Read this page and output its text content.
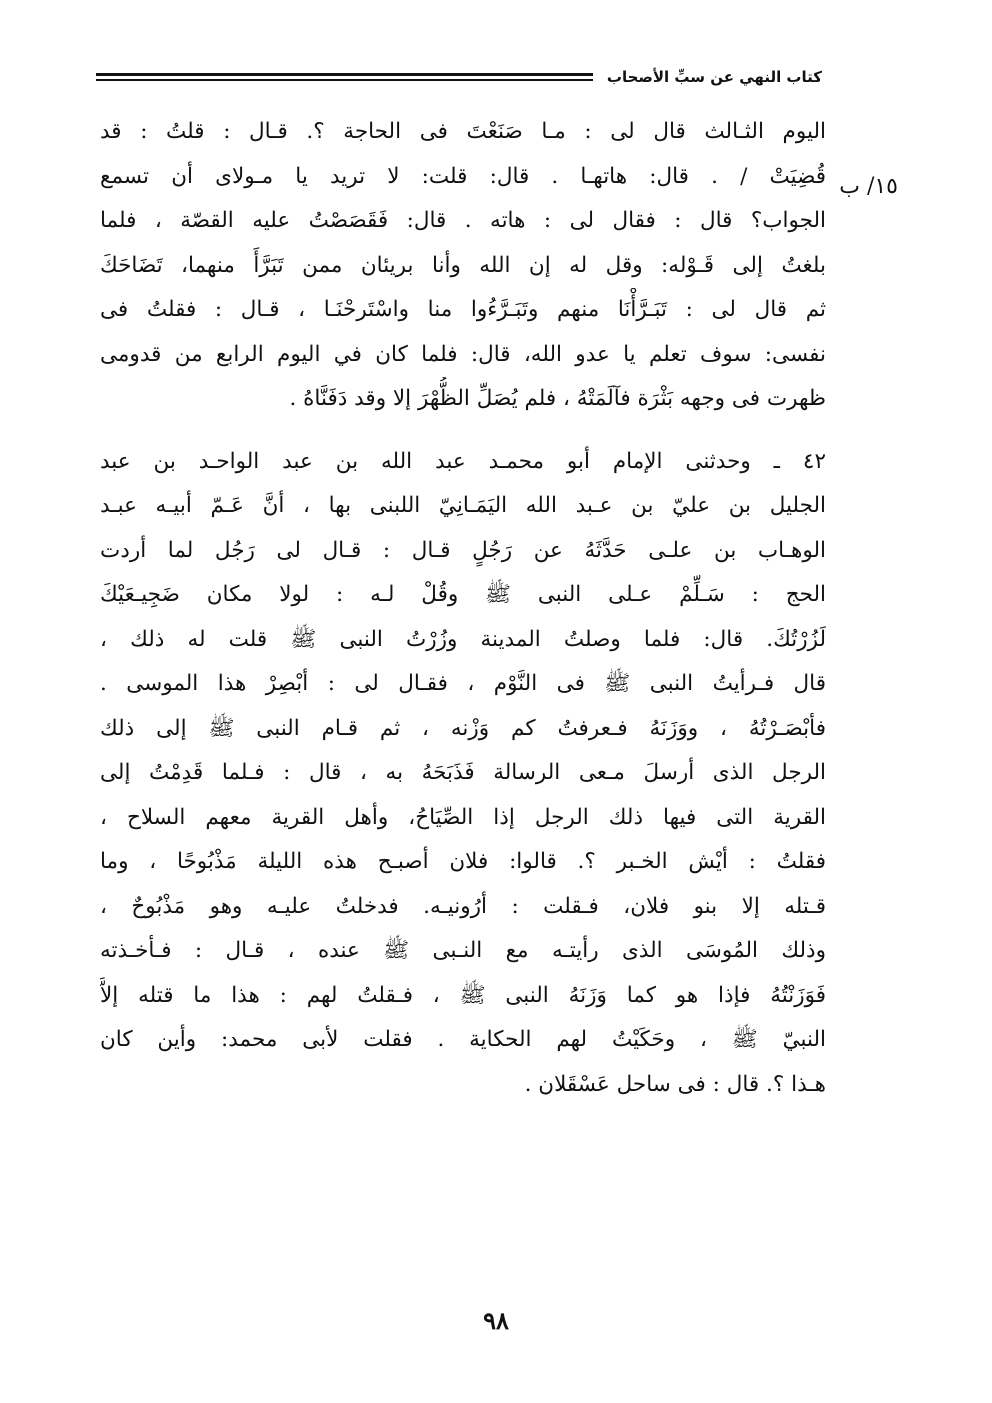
كتاب النهي عن سبِّ الأصحاب
١٥/ ب
اليوم الثـالث قال لى : مـا صَنَعْتَ فى الحاجة ؟. قـال : قلتُ : قد
قُضِيَتْ / . قال: هاتهـا . قال: قلت: لا تريد يا مـولاى أن تسمع
الجواب؟ قال : فقال لى : هاته . قال: فَقَصَصْتُ عليه القصّة ، فلما
بلغتُ إلى قَـوْله: وقل له إن الله وأنا بريئان ممن تَبَرَّأَ منهما، تَضَاحَكَ
ثم قال لى : تَبَـرَّأْنَا منهم وتَبَـرَّءُوا منا واسْتَرحْنَـا ، قـال : فقلتُ فى
نفسى: سوف تعلم يا عدو الله، قال: فلما كان في اليوم الرابع من قدومى
ظهرت فى وجهه بَثْرَة فآلَمَتْهُ ، فلم يُصَلِّ الظُّهْرَ إلا وقد دَفَنَّاهُ .
٤٢ ـ وحدثنى الإمام أبو محمـد عبد الله بن عبد الواحـد بن عبد
الجليل بن عليّ بن عـبد الله اليَمَـانِيّ اللبنى بها ، أنَّ عَـمّ أبيـه عبـد
الوهـاب بن علـى حَدَّثَهُ عن رَجُلٍ قـال : قـال لى رَجُل لما أردت
الحج : سَـلِّمْ عـلى النبى ﷺ وقُلْ لـه : لولا مكان ضَجِيـعَيْكَ
لَزُرْتُكَ. قال: فلما وصلتُ المدينة وزُرْتُ النبى ﷺ قلت له ذلك ،
قال فـرأيتُ النبى ﷺ فى النَّوْم ، فقـال لى : أبْصِرْ هذا الموسى .
فأبْصَـرْتُهُ ، ووَزَنَهُ فـعرفتُ كم وَزْنه ، ثم قـام النبى ﷺ إلى ذلك
الرجل الذى أرسلَ مـعى الرسالة فَذَبَحَهُ به ، قال : فـلما قَدِمْتُ إلى
القرية التى فيها ذلك الرجل إذا الصِّيَاحُ، وأهل القرية معهم السلاح ،
فقلتُ : أيْش الخـبر ؟. قالوا: فلان أصبـح هذه الليلة مَذْبُوحًا ، وما
قـتله إلا بنو فلان، فـقلت : أرُونيـه. فدخلتُ عليـه وهو مَذْبُوحٌ ،
وذلك المُوسَى الذى رأيتـه مع النـبى ﷺ عنده ، قـال : فـأخـذته
فَوَزَنْتُهُ فإذا هو كما وَزَنَهُ النبى ﷺ ، فـقلتُ لهم : هذا ما قتله إلاَّ
النبيّ ﷺ ، وحَكَيْتُ لهم الحكاية . فقلت لأبى محمد: وأين كان
هـذا ؟. قال : فى ساحل عَسْقَلان .
٩٨
